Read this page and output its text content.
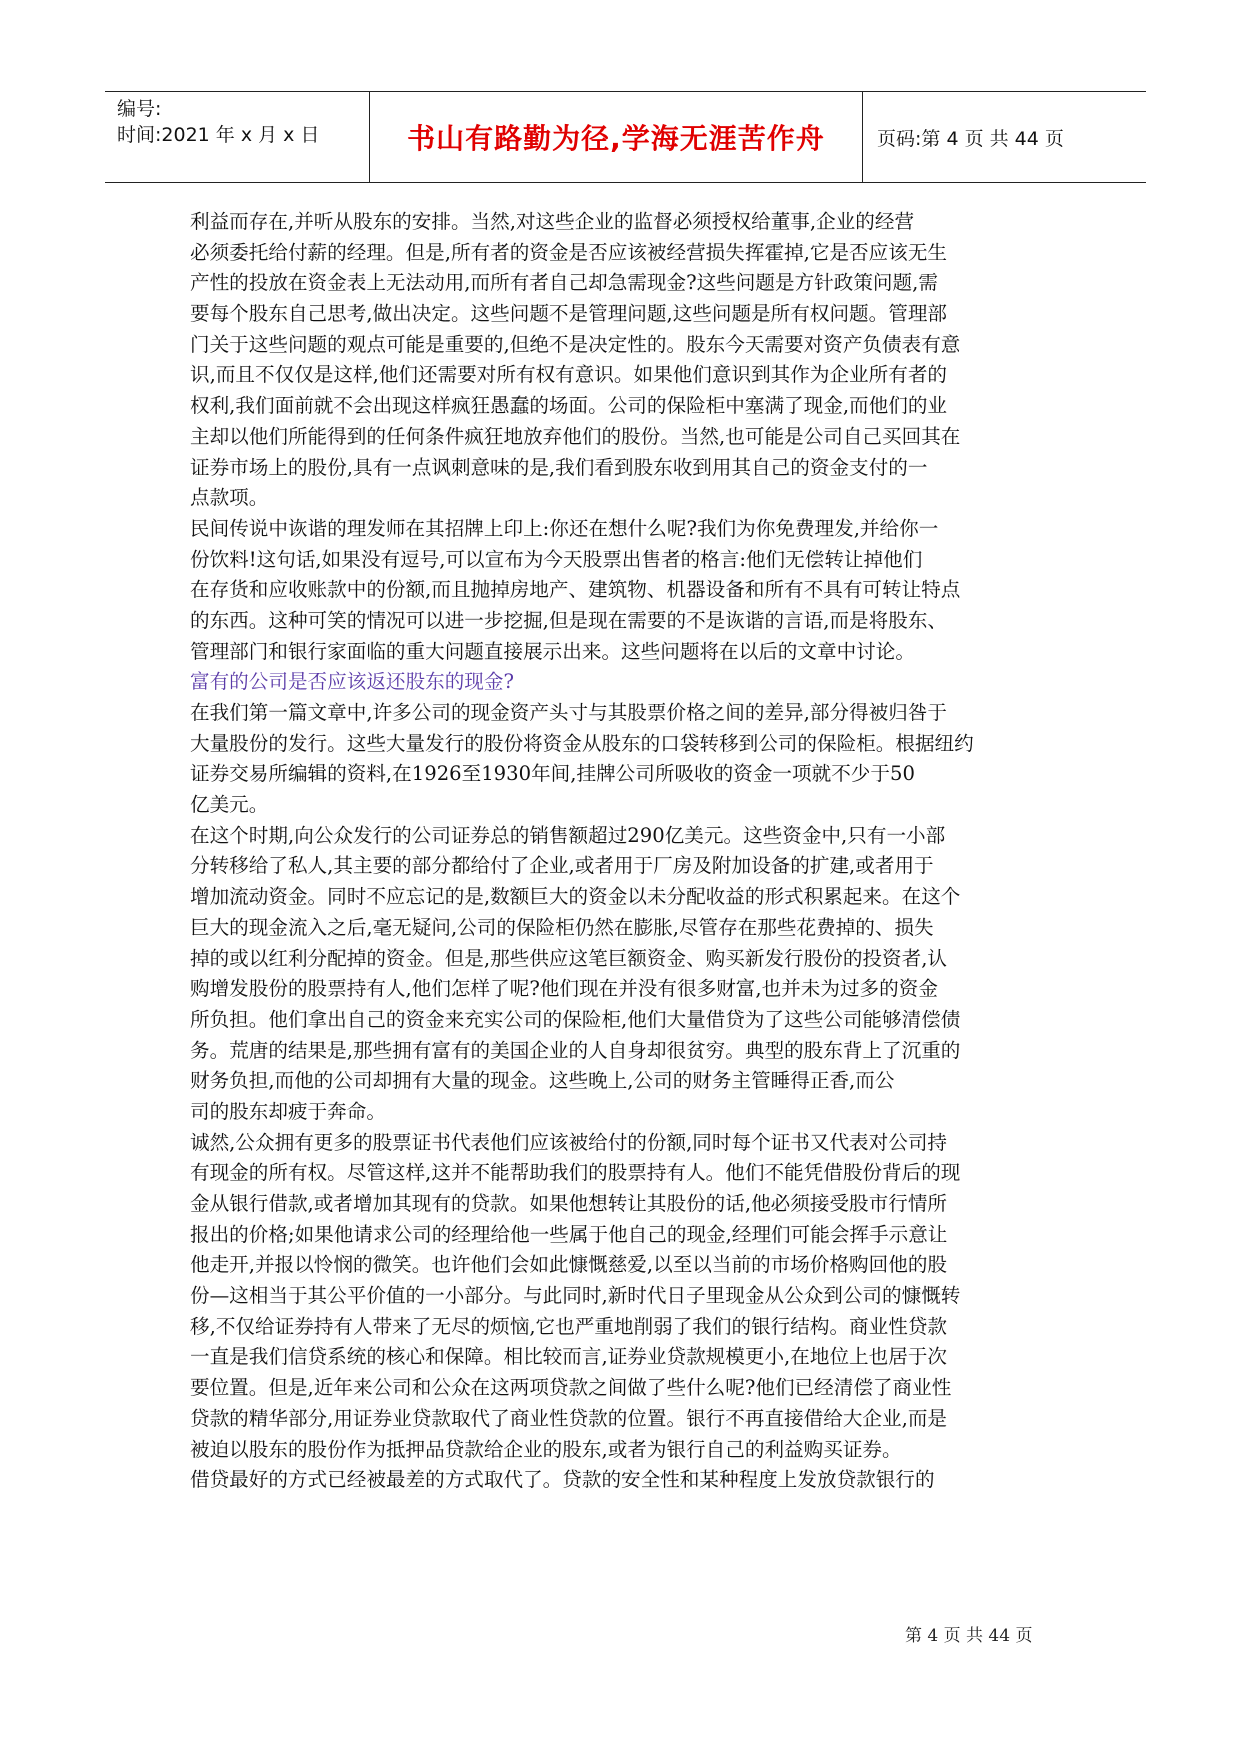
编号:
时间:2021 年 x 月 x 日	书山有路勤为径,学海无涯苦作舟	页码:第 4 页 共 44 页
利益而存在,并听从股东的安排。当然,对这些企业的监督必须授权给董事,企业的经营
必须委托给付薪的经理。但是,所有者的资金是否应该被经营损失挥霍掉,它是否应该无生
产性的投放在资金表上无法动用,而所有者自己却急需现金?这些问题是方针政策问题,需
要每个股东自己思考,做出决定。这些问题不是管理问题,这些问题是所有权问题。管理部
门关于这些问题的观点可能是重要的,但绝不是决定性的。股东今天需要对资产负债表有意
识,而且不仅仅是这样,他们还需要对所有权有意识。如果他们意识到其作为企业所有者的
权利,我们面前就不会出现这样疯狂愚蠢的场面。公司的保险柜中塞满了现金,而他们的业
主却以他们所能得到的任何条件疯狂地放弃他们的股份。当然,也可能是公司自己买回其在
证券市场上的股份,具有一点讽刺意味的是,我们看到股东收到用其自己的资金支付的一
点款项。
民间传说中诙谐的理发师在其招牌上印上:你还在想什么呢?我们为你免费理发,并给你一
份饮料!这句话,如果没有逗号,可以宣布为今天股票出售者的格言:他们无偿转让掉他们
在存货和应收账款中的份额,而且抛掉房地产、建筑物、机器设备和所有不具有可转让特点
的东西。这种可笑的情况可以进一步挖掘,但是现在需要的不是诙谐的言语,而是将股东、
管理部门和银行家面临的重大问题直接展示出来。这些问题将在以后的文章中讨论。
富有的公司是否应该返还股东的现金?
在我们第一篇文章中,许多公司的现金资产头寸与其股票价格之间的差异,部分得被归咎于
大量股份的发行。这些大量发行的股份将资金从股东的口袋转移到公司的保险柜。根据纽约
证券交易所编辑的资料,在1926至1930年间,挂牌公司所吸收的资金一项就不少于50
亿美元。
在这个时期,向公众发行的公司证券总的销售额超过290亿美元。这些资金中,只有一小部
分转移给了私人,其主要的部分都给付了企业,或者用于厂房及附加设备的扩建,或者用于
增加流动资金。同时不应忘记的是,数额巨大的资金以未分配收益的形式积累起来。在这个
巨大的现金流入之后,毫无疑问,公司的保险柜仍然在膨胀,尽管存在那些花费掉的、损失
掉的或以红利分配掉的资金。但是,那些供应这笔巨额资金、购买新发行股份的投资者,认
购增发股份的股票持有人,他们怎样了呢?他们现在并没有很多财富,也并未为过多的资金
所负担。他们拿出自己的资金来充实公司的保险柜,他们大量借贷为了这些公司能够清偿债
务。荒唐的结果是,那些拥有富有的美国企业的人自身却很贫穷。典型的股东背上了沉重的
财务负担,而他的公司却拥有大量的现金。这些晚上,公司的财务主管睡得正香,而公
司的股东却疲于奔命。
诚然,公众拥有更多的股票证书代表他们应该被给付的份额,同时每个证书又代表对公司持
有现金的所有权。尽管这样,这并不能帮助我们的股票持有人。他们不能凭借股份背后的现
金从银行借款,或者增加其现有的贷款。如果他想转让其股份的话,他必须接受股市行情所
报出的价格;如果他请求公司的经理给他一些属于他自己的现金,经理们可能会挥手示意让
他走开,并报以怜悯的微笑。也许他们会如此慷慨慈爱,以至以当前的市场价格购回他的股
份—这相当于其公平价值的一小部分。与此同时,新时代日子里现金从公众到公司的慷慨转
移,不仅给证券持有人带来了无尽的烦恼,它也严重地削弱了我们的银行结构。商业性贷款
一直是我们信贷系统的核心和保障。相比较而言,证券业贷款规模更小,在地位上也居于次
要位置。但是,近年来公司和公众在这两项贷款之间做了些什么呢?他们已经清偿了商业性
贷款的精华部分,用证券业贷款取代了商业性贷款的位置。银行不再直接借给大企业,而是
被迫以股东的股份作为抵押品贷款给企业的股东,或者为银行自己的利益购买证券。
借贷最好的方式已经被最差的方式取代了。贷款的安全性和某种程度上发放贷款银行的
第 4 页 共 44 页
